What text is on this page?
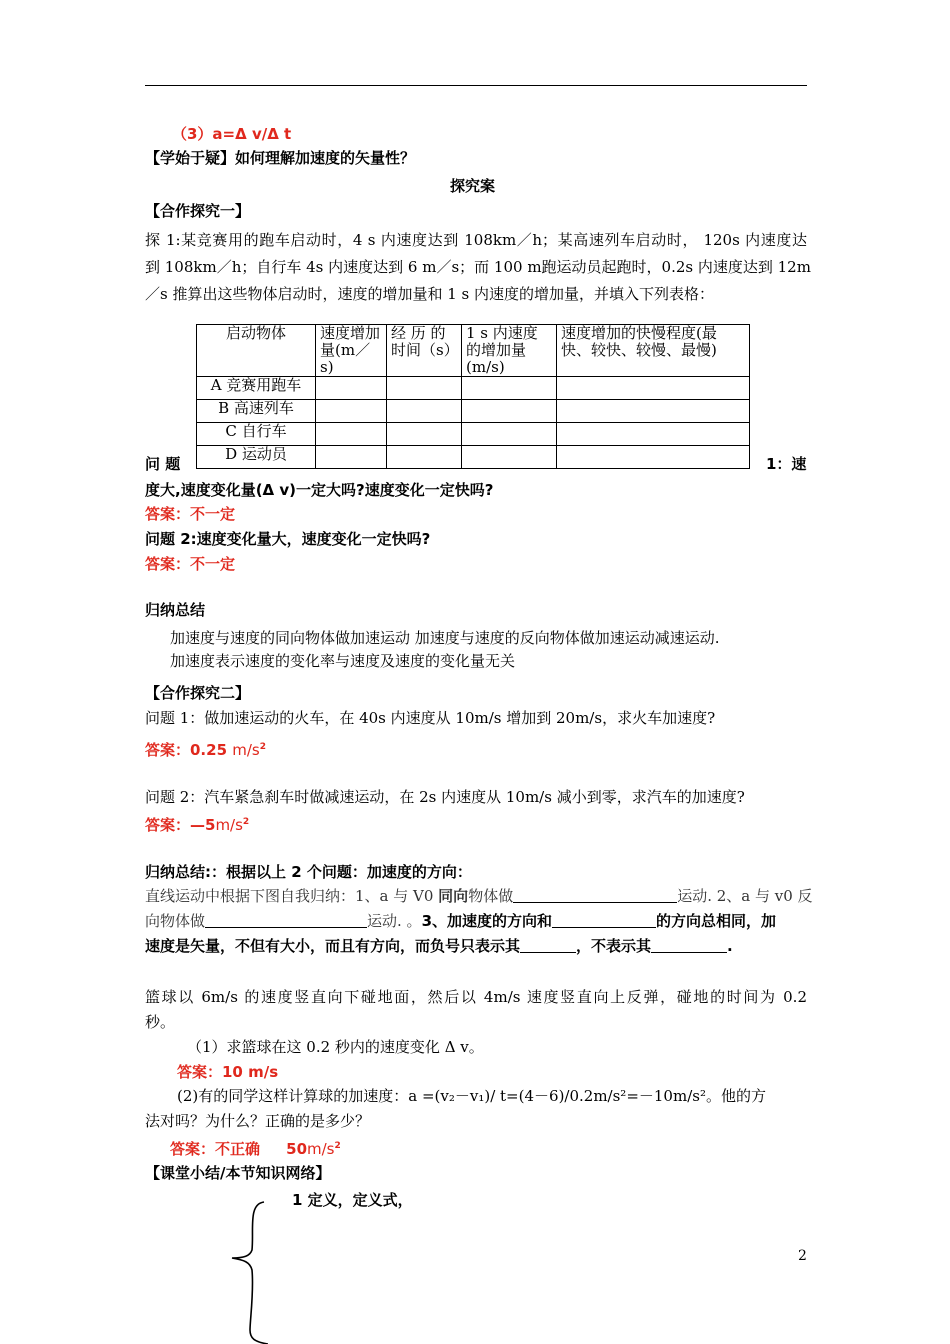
（3）a=Δ v/Δ t
【学始于疑】如何理解加速度的矢量性？
探究案
【合作探究一】
探 1:某竞赛用的跑车启动时，4 s 内速度达到 108km／h；某高速列车启动时， 120s 内速度达
到 108km／h；自行车 4s 内速度达到 6 m／s；而 100 m跑运动员起跑时，0.2s 内速度达到 12m
／s 推算出这些物体启动时，速度的增加量和 1 s 内速度的增加量，并填入下列表格：
启动物体	速度增加量(m／s)	经 历 的时间（s）	1 s 内速度的增加量(m/s)	速度增加的快慢程度(最快、较快、较慢、最慢)
A 竞赛用跑车				
B 高速列车				
C 自行车				
D 运动员				
问 题	1：速
度大,速度变化量(Δ v)一定大吗?速度变化一定快吗?
答案：不一定
问题 2:速度变化量大，速度变化一定快吗?
答案：不一定
归纳总结
加速度与速度的同向物体做加速运动 加速度与速度的反向物体做加速运动减速运动.
加速度表示速度的变化率与速度及速度的变化量无关
【合作探究二】
问题 1：做加速运动的火车，在 40s 内速度从 10m/s 增加到 20m/s，求火车加速度?
答案：0.25 $m/s^2$
问题 2：汽车紧急刹车时做减速运动，在 2s 内速度从 10m/s 减小到零，求汽车的加速度?
答案：$—5m/s^2$
归纳总结:：根据以上 2 个问题：加速度的方向：
直线运动中根据下图自我归纳：1、a 与 V0 同向物体做	运动. 2、a 与 v0 反
向物体做	运动. 。3、加速度的方向和	的方向总相同，加
速度是矢量，不但有大小，而且有方向，而负号只表示其	，不表示其	.
篮球以 6m/s 的速度竖直向下碰地面，然后以 4m/s 速度竖直向上反弹，碰地的时间为 0.2
秒。
（1）求篮球在这 0.2 秒内的速度变化 Δ v。
答案：10 m/s
(2)有的同学这样计算球的加速度：a =(v₂－v₁)/ t=(4－6)/0.2m/s²=－10m/s²。他的方
法对吗？为什么？正确的是多少？
答案：不正确 $50m/s^2$
【课堂小结/本节知识网络】
1 定义，定义式，
2
